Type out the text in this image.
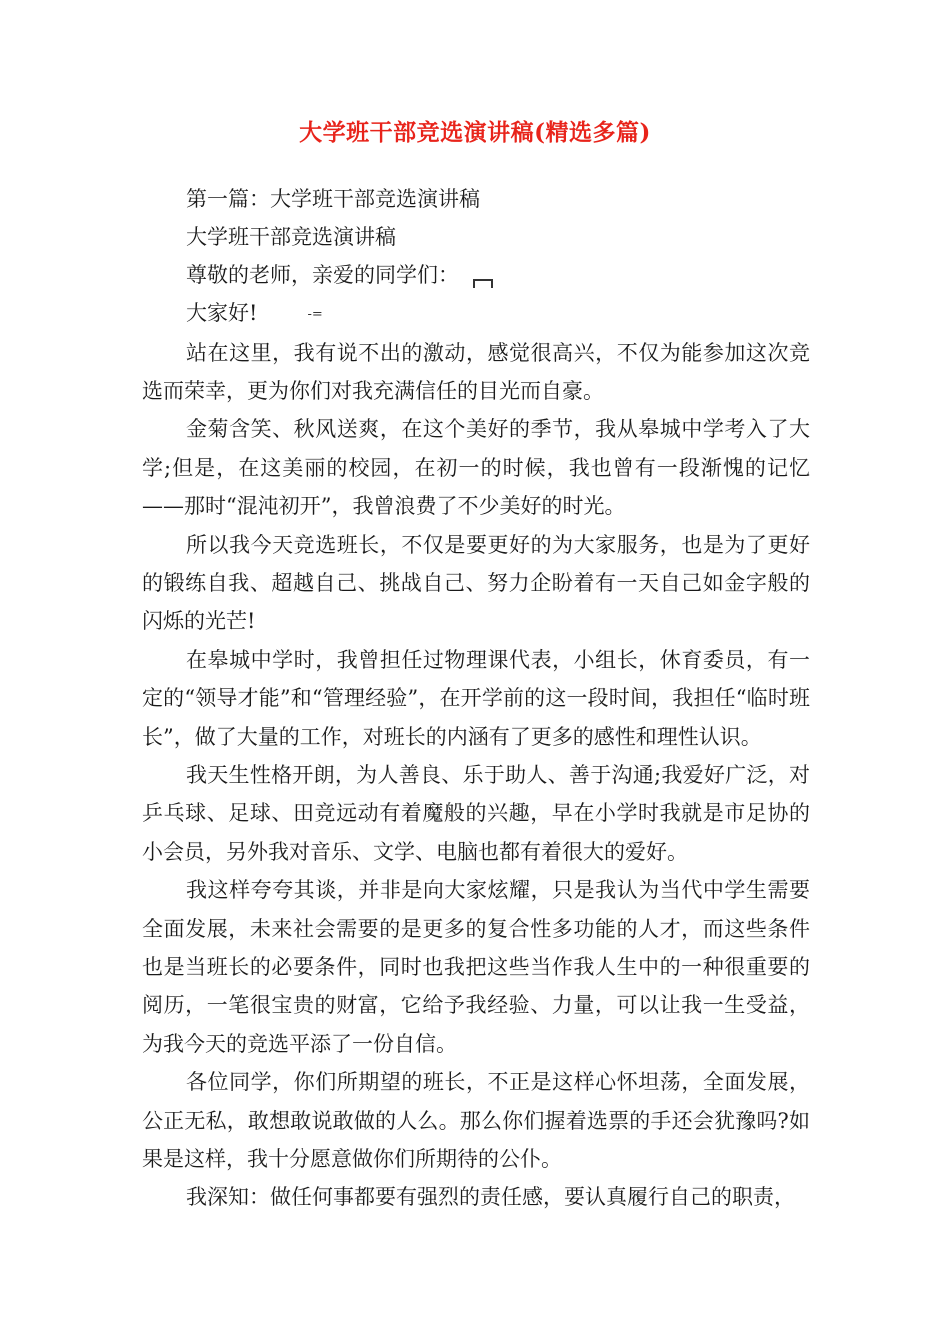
大学班干部竞选演讲稿(精选多篇)

第一篇：大学班干部竞选演讲稿

大学班干部竞选演讲稿

尊敬的老师，亲爱的同学们：

大家好!	-=

站在这里，我有说不出的激动，感觉很高兴，不仅为能参加这次竞选而荣幸，更为你们对我充满信任的目光而自豪。

金菊含笑、秋风送爽，在这个美好的季节，我从皋城中学考入了大学;但是，在这美丽的校园，在初一的时候，我也曾有一段渐愧的记忆——那时“混沌初开”，我曾浪费了不少美好的时光。

所以我今天竞选班长，不仅是要更好的为大家服务，也是为了更好的锻练自我、超越自己、挑战自己、努力企盼着有一天自己如金字般的闪烁的光芒!

在皋城中学时，我曾担任过物理课代表，小组长，休育委员，有一定的“领导才能”和“管理经验”，在开学前的这一段时间，我担任“临时班长”，做了大量的工作，对班长的内涵有了更多的感性和理性认识。

我天生性格开朗，为人善良、乐于助人、善于沟通;我爱好广泛，对乒乓球、足球、田竞远动有着魔般的兴趣，早在小学时我就是市足协的小会员，另外我对音乐、文学、电脑也都有着很大的爱好。

我这样夸夸其谈，并非是向大家炫耀，只是我认为当代中学生需要全面发展，未来社会需要的是更多的复合性多功能的人才，而这些条件也是当班长的必要条件，同时也我把这些当作我人生中的一种很重要的阅历，一笔很宝贵的财富，它给予我经验、力量，可以让我一生受益，为我今天的竞选平添了一份自信。

各位同学，你们所期望的班长，不正是这样心怀坦荡，全面发展，公正无私，敢想敢说敢做的人么。那么你们握着选票的手还会犹豫吗?如果是这样，我十分愿意做你们所期待的公仆。

我深知：做任何事都要有强烈的责任感，要认真履行自己的职责，
